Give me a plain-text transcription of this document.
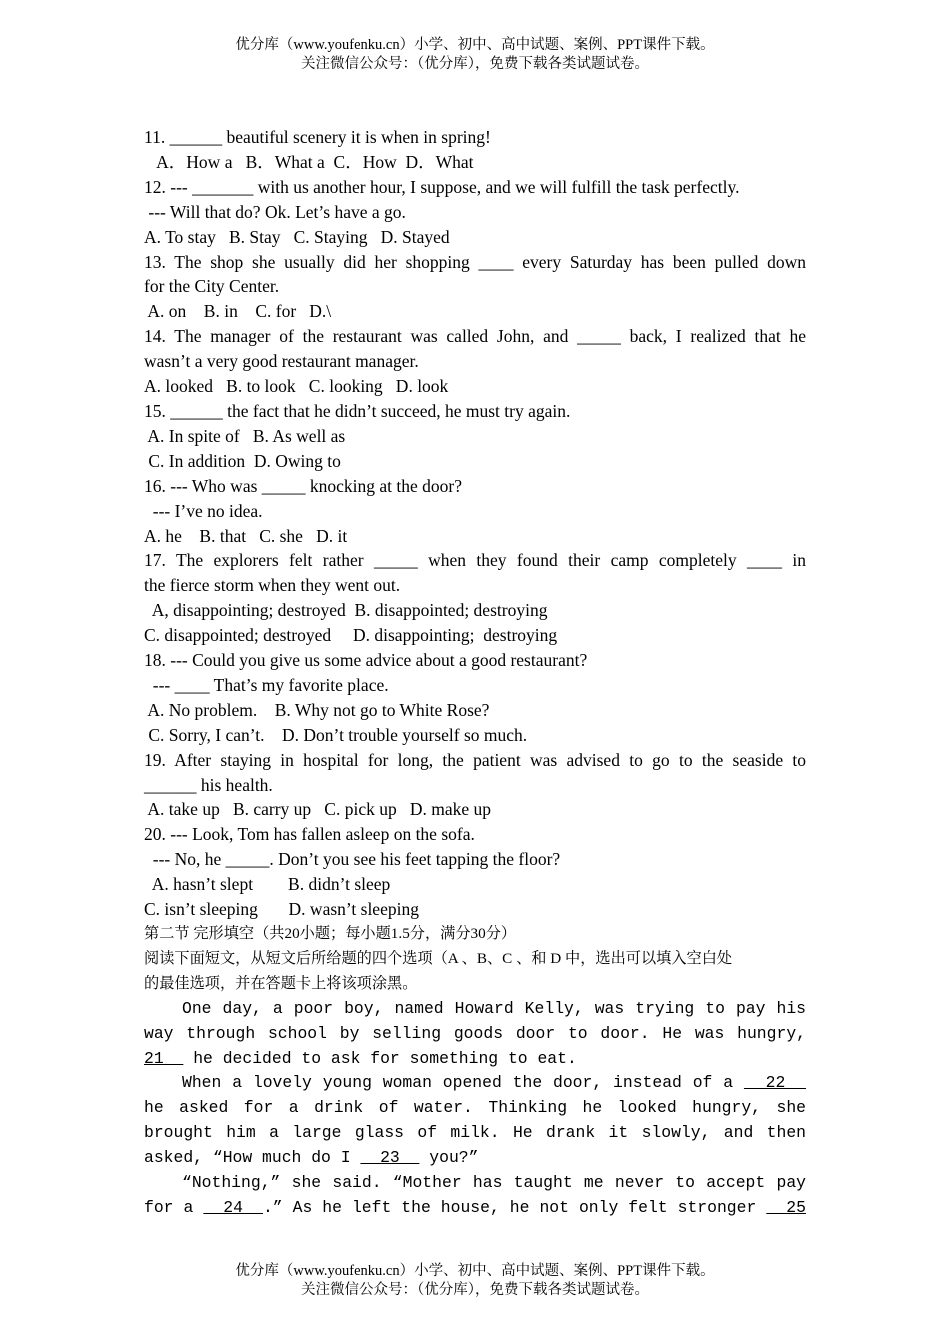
优分库（www.youfenku.cn）小学、初中、高中试题、案例、PPT课件下载。
关注微信公众号：（优分库），免费下载各类试题试卷。

11. ______ beautiful scenery it is when in spring!

A．How a   B．What a  C．How  D．What

12. --- _______ with us another hour, I suppose, and we will fulfill the task perfectly.

--- Will that do? Ok. Let’s have a go.

A. To stay   B. Stay   C. Staying   D. Stayed

13. The shop she usually did her shopping ____ every Saturday has been pulled down

for the City Center.

A. on    B. in    C. for   D.\

14. The manager of the restaurant was called John, and _____ back, I realized that he

wasn’t a very good restaurant manager.

A. looked   B. to look   C. looking   D. look

15. ______ the fact that he didn’t succeed, he must try again.

A. In spite of   B. As well as

C. In addition  D. Owing to

16. --- Who was _____ knocking at the door?

--- I’ve no idea.

A. he    B. that   C. she   D. it

17. The explorers felt rather _____ when they found their camp completely ____ in

the fierce storm when they went out.

A, disappointing; destroyed  B. disappointed; destroying

C. disappointed; destroyed     D. disappointing;  destroying

18. --- Could you give us some advice about a good restaurant?

--- ____ That’s my favorite place.

A. No problem.    B. Why not go to White Rose?

C. Sorry, I can’t.    D. Don’t trouble yourself so much.

19. After staying in hospital for long, the patient was advised to go to the seaside to

______ his health.

A. take up   B. carry up   C. pick up   D. make up

20. --- Look, Tom has fallen asleep on the sofa.

--- No, he _____. Don’t you see his feet tapping the floor?

A. hasn’t slept        B. didn’t sleep

C. isn’t sleeping       D. wasn’t sleeping

第二节 完形填空（共20小题；每小题1.5分，满分30分）

阅读下面短文，从短文后所给题的四个选项（A 、B、C 、和 D 中，选出可以填入空白处

的最佳选项，并在答题卡上将该项涂黑。

One day, a poor boy, named Howard Kelly, was trying to pay his way through school by selling goods door to door. He was hungry, 21   he decided to ask for something to eat.

When a lovely young woman opened the door, instead of a   22   he asked for a drink of water. Thinking he looked hungry, she brought him a large glass of milk. He drank it slowly, and then asked, “How much do I   23   you?”

“Nothing,” she said. “Mother has taught me never to accept pay for a   24  .” As he left the house, he not only felt stronger   25

优分库（www.youfenku.cn）小学、初中、高中试题、案例、PPT课件下载。
关注微信公众号：（优分库），免费下载各类试题试卷。
